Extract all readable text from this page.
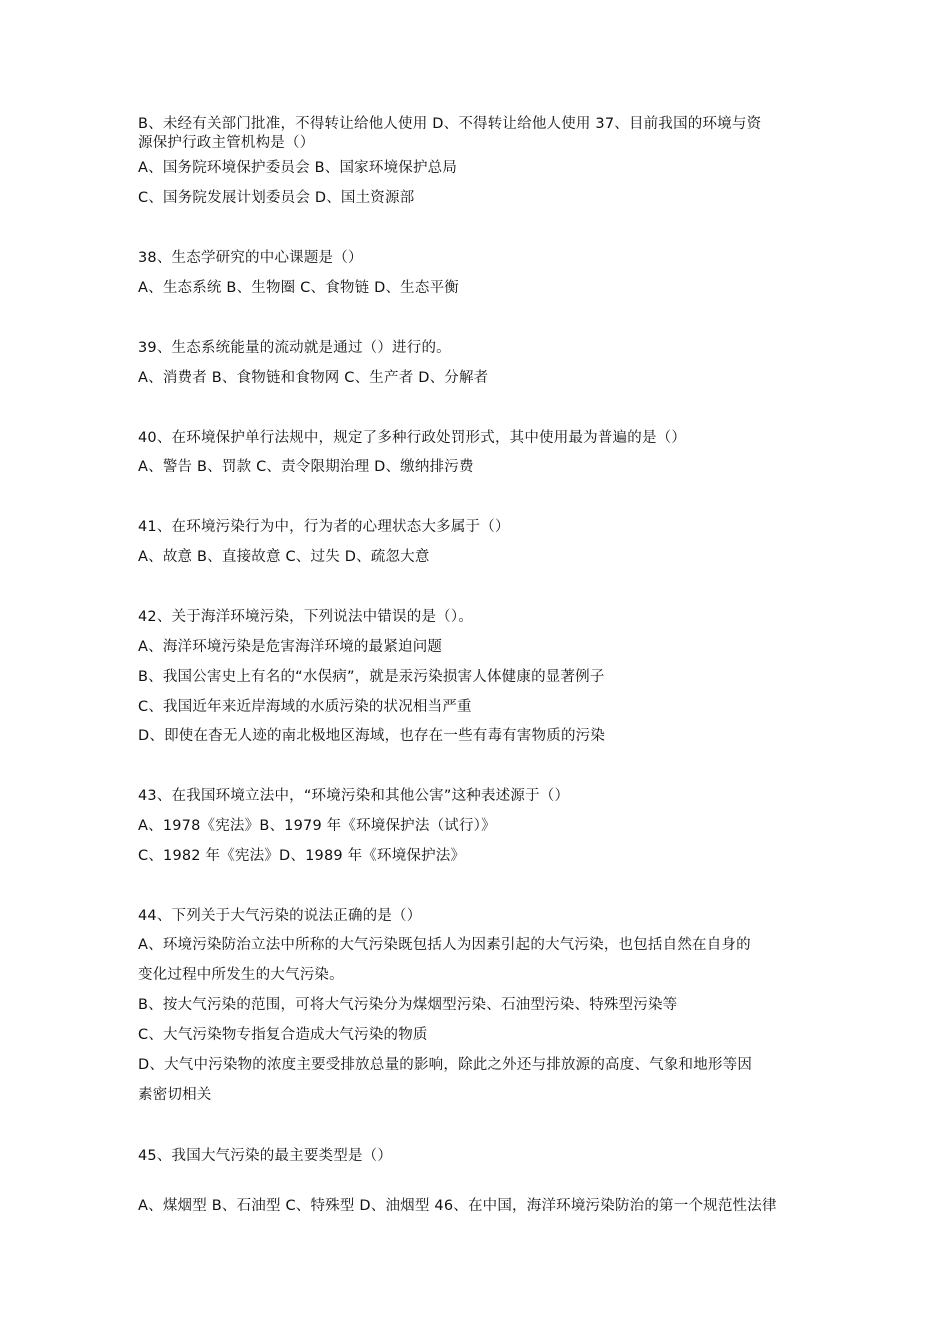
B、未经有关部门批准，不得转让给他人使用 D、不得转让给他人使用 37、目前我国的环境与资
源保护行政主管机构是（）
A、国务院环境保护委员会 B、国家环境保护总局
C、国务院发展计划委员会 D、国土资源部
38、生态学研究的中心课题是（）
A、生态系统 B、生物圈 C、食物链 D、生态平衡
39、生态系统能量的流动就是通过（）进行的。
A、消费者 B、食物链和食物网 C、生产者 D、分解者
40、在环境保护单行法规中，规定了多种行政处罚形式，其中使用最为普遍的是（）
A、警告 B、罚款 C、责令限期治理 D、缴纳排污费
41、在环境污染行为中，行为者的心理状态大多属于（）
A、故意 B、直接故意 C、过失 D、疏忽大意
42、关于海洋环境污染，下列说法中错误的是（）。
A、海洋环境污染是危害海洋环境的最紧迫问题
B、我国公害史上有名的“水俣病”，就是汞污染损害人体健康的显著例子
C、我国近年来近岸海域的水质污染的状况相当严重
D、即使在杳无人迹的南北极地区海域，也存在一些有毒有害物质的污染
43、在我国环境立法中，“环境污染和其他公害”这种表述源于（）
A、1978《宪法》B、1979 年《环境保护法（试行）》
C、1982 年《宪法》D、1989 年《环境保护法》
44、下列关于大气污染的说法正确的是（）
A、环境污染防治立法中所称的大气污染既包括人为因素引起的大气污染，也包括自然在自身的
变化过程中所发生的大气污染。
B、按大气污染的范围，可将大气污染分为煤烟型污染、石油型污染、特殊型污染等
C、大气污染物专指复合造成大气污染的物质
D、大气中污染物的浓度主要受排放总量的影响，除此之外还与排放源的高度、气象和地形等因
素密切相关
45、我国大气污染的最主要类型是（）
A、煤烟型 B、石油型 C、特殊型 D、油烟型 46、在中国，海洋环境污染防治的第一个规范性法律
